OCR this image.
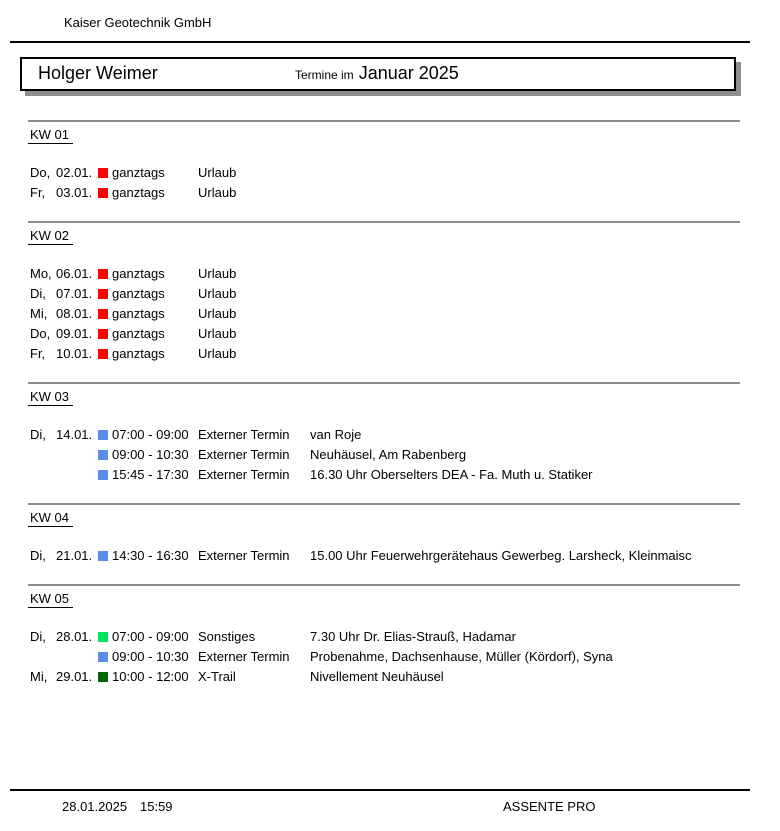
Kaiser Geotechnik GmbH
Holger Weimer	Termine im Januar 2025
KW 01
Do, 02.01.	ganztags	Urlaub
Fr, 03.01.	ganztags	Urlaub
KW 02
Mo, 06.01.	ganztags	Urlaub
Di, 07.01.	ganztags	Urlaub
Mi, 08.01.	ganztags	Urlaub
Do, 09.01.	ganztags	Urlaub
Fr, 10.01.	ganztags	Urlaub
KW 03
Di, 14.01.	07:00 - 09:00 Externer Termin	van Roje
09:00 - 10:30 Externer Termin	Neuhäusel, Am Rabenberg
15:45 - 17:30 Externer Termin	16.30 Uhr Oberselters DEA - Fa. Muth u. Statiker
KW 04
Di, 21.01.	14:30 - 16:30 Externer Termin	15.00 Uhr Feuerwehrgerätehaus Gewerbeg. Larsheck, Kleinmaisc
KW 05
Di, 28.01.	07:00 - 09:00 Sonstiges	7.30 Uhr Dr. Elias-Strauß, Hadamar
09:00 - 10:30 Externer Termin	Probenahme, Dachsenhause, Müller (Kördorf), Syna
Mi, 29.01.	10:00 - 12:00 X-Trail	Nivellement Neuhäusel
28.01.2025 15:59	ASSENTE PRO
